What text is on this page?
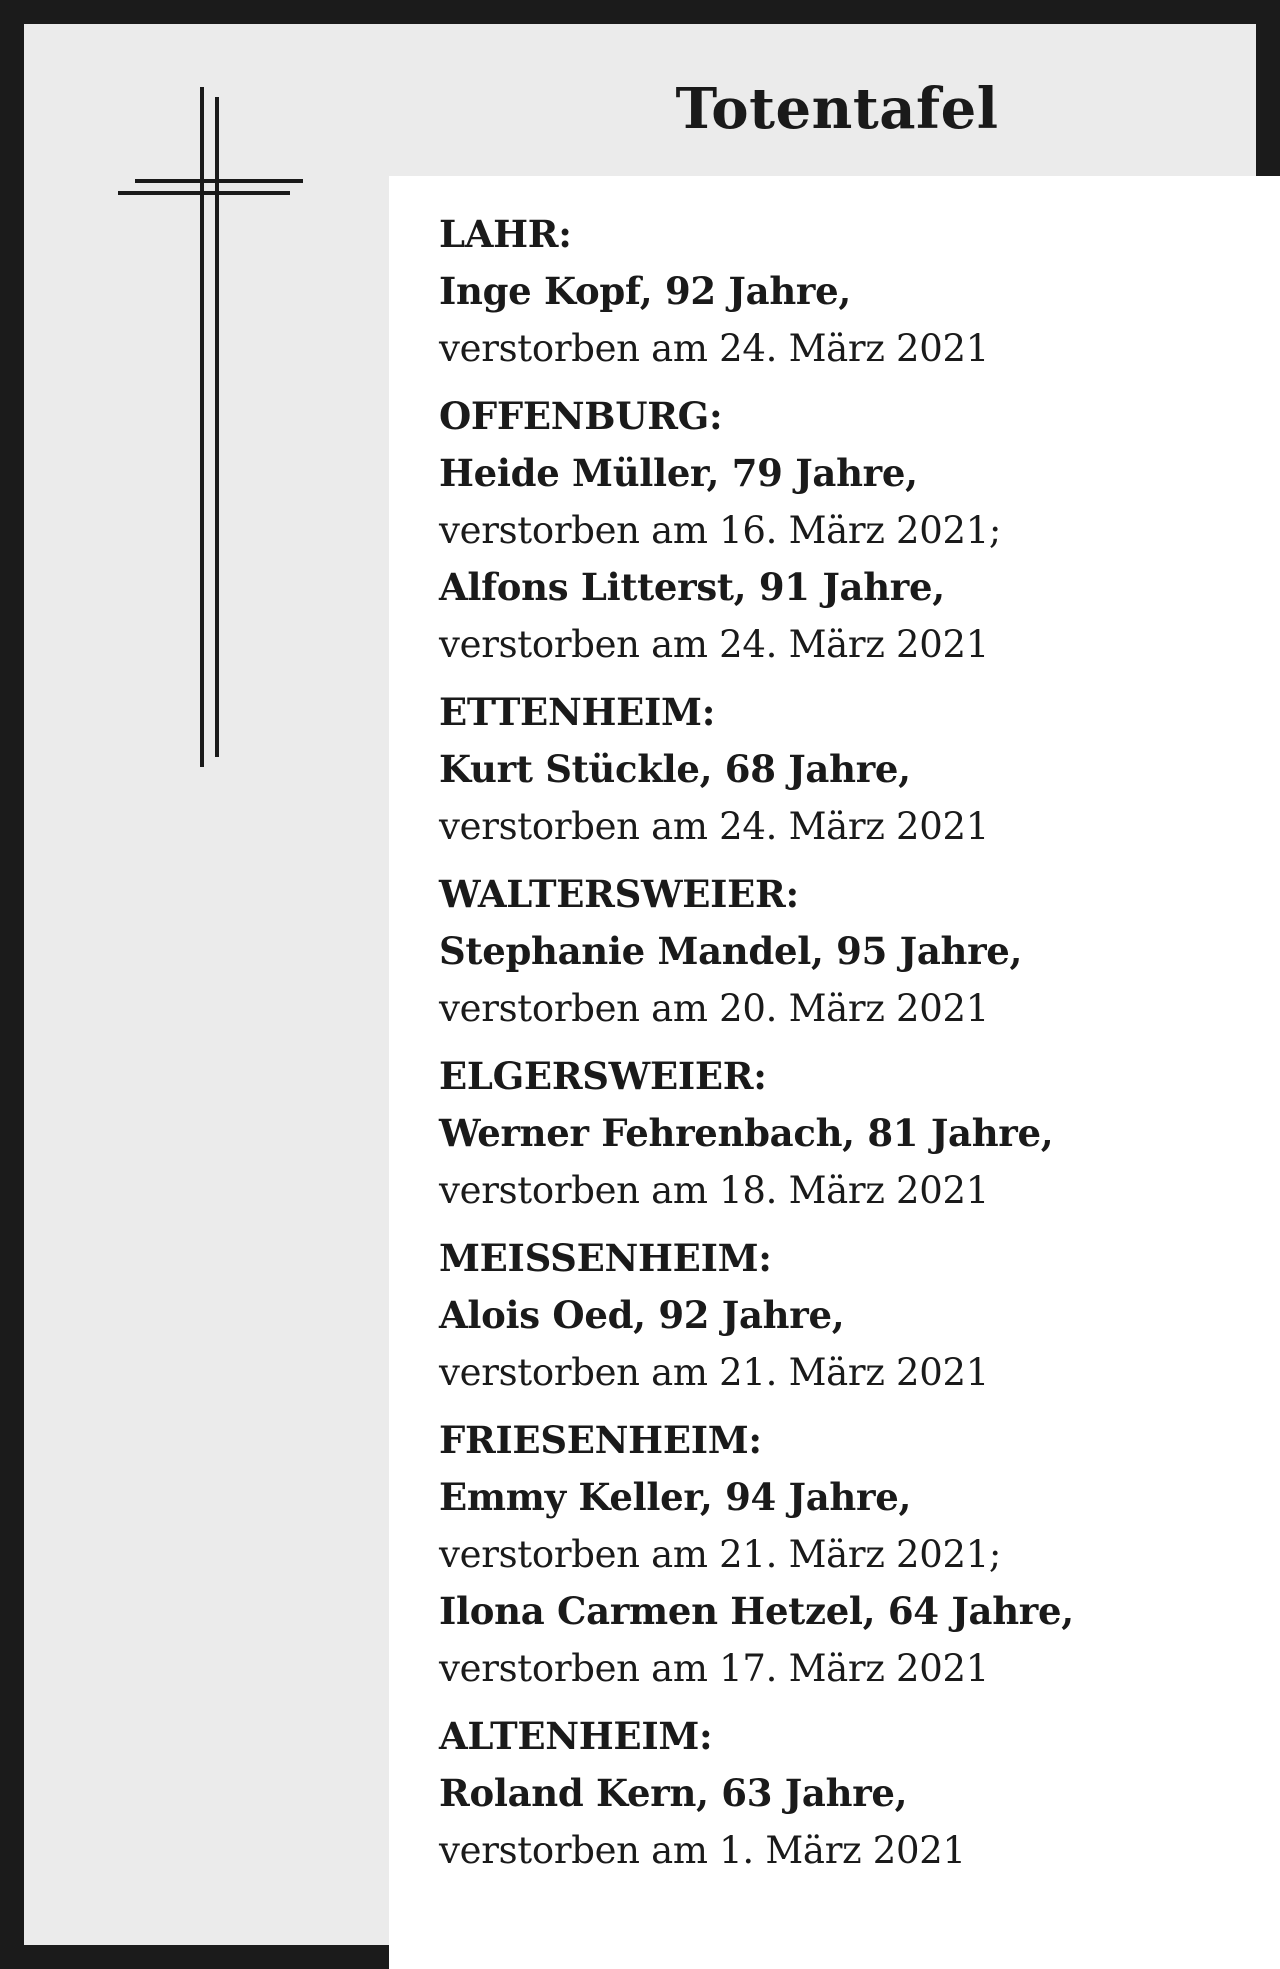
Totentafel
LAHR:
Inge Kopf, 92 Jahre,
verstorben am 24. März 2021
OFFENBURG:
Heide Müller, 79 Jahre,
verstorben am 16. März 2021;
Alfons Litterst, 91 Jahre,
verstorben am 24. März 2021
ETTENHEIM:
Kurt Stückle, 68 Jahre,
verstorben am 24. März 2021
WALTERSWEIER:
Stephanie Mandel, 95 Jahre,
verstorben am 20. März 2021
ELGERSWEIER:
Werner Fehrenbach, 81 Jahre,
verstorben am 18. März 2021
MEISSENHEIM:
Alois Oed, 92 Jahre,
verstorben am 21. März 2021
FRIESENHEIM:
Emmy Keller, 94 Jahre,
verstorben am 21. März 2021;
Ilona Carmen Hetzel, 64 Jahre,
verstorben am 17. März 2021
ALTENHEIM:
Roland Kern, 63 Jahre,
verstorben am 1. März 2021
